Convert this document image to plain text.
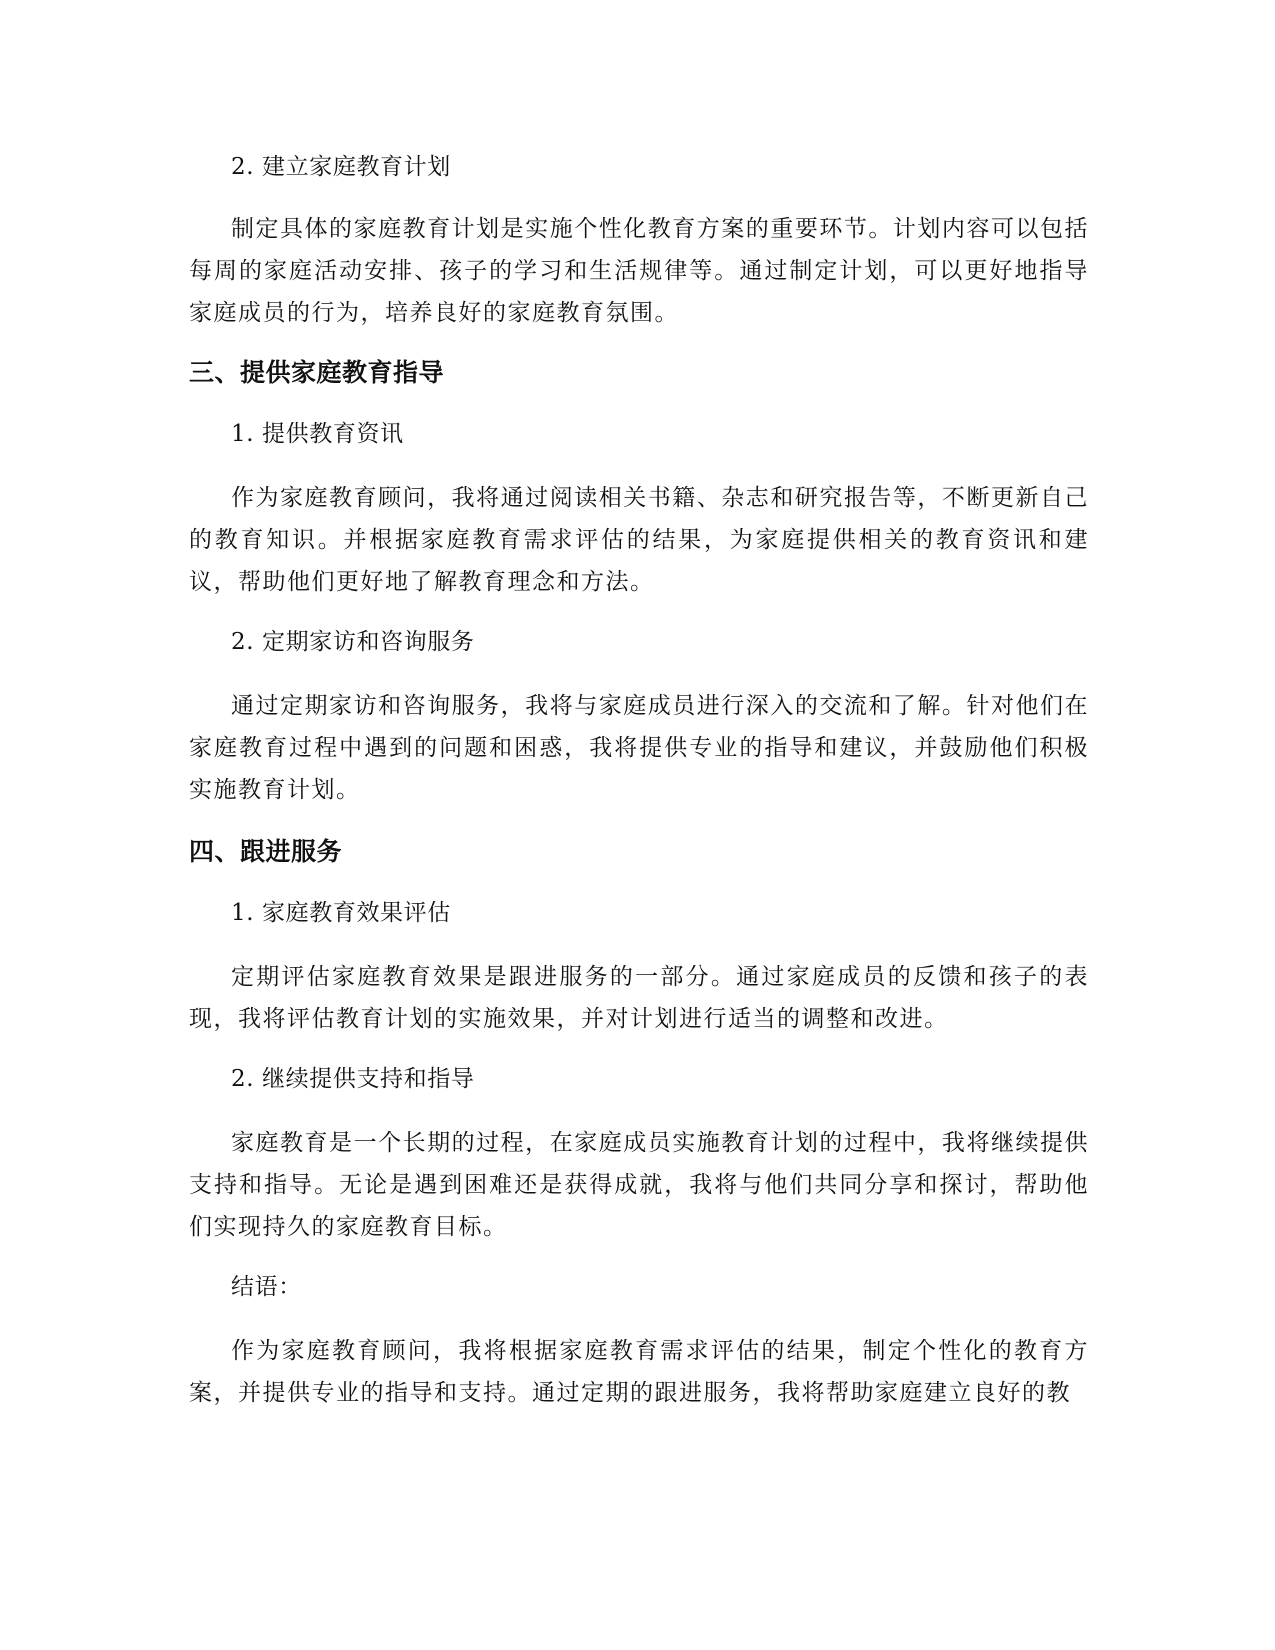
2. 建立家庭教育计划

制定具体的家庭教育计划是实施个性化教育方案的重要环节。计划内容可以包括每周的家庭活动安排、孩子的学习和生活规律等。通过制定计划，可以更好地指导家庭成员的行为，培养良好的家庭教育氛围。

三、提供家庭教育指导

1. 提供教育资讯

作为家庭教育顾问，我将通过阅读相关书籍、杂志和研究报告等，不断更新自己的教育知识。并根据家庭教育需求评估的结果，为家庭提供相关的教育资讯和建议，帮助他们更好地了解教育理念和方法。

2. 定期家访和咨询服务

通过定期家访和咨询服务，我将与家庭成员进行深入的交流和了解。针对他们在家庭教育过程中遇到的问题和困惑，我将提供专业的指导和建议，并鼓励他们积极实施教育计划。

四、跟进服务

1. 家庭教育效果评估

定期评估家庭教育效果是跟进服务的一部分。通过家庭成员的反馈和孩子的表现，我将评估教育计划的实施效果，并对计划进行适当的调整和改进。

2. 继续提供支持和指导

家庭教育是一个长期的过程，在家庭成员实施教育计划的过程中，我将继续提供支持和指导。无论是遇到困难还是获得成就，我将与他们共同分享和探讨，帮助他们实现持久的家庭教育目标。

结语：

作为家庭教育顾问，我将根据家庭教育需求评估的结果，制定个性化的教育方案，并提供专业的指导和支持。通过定期的跟进服务，我将帮助家庭建立良好的教
